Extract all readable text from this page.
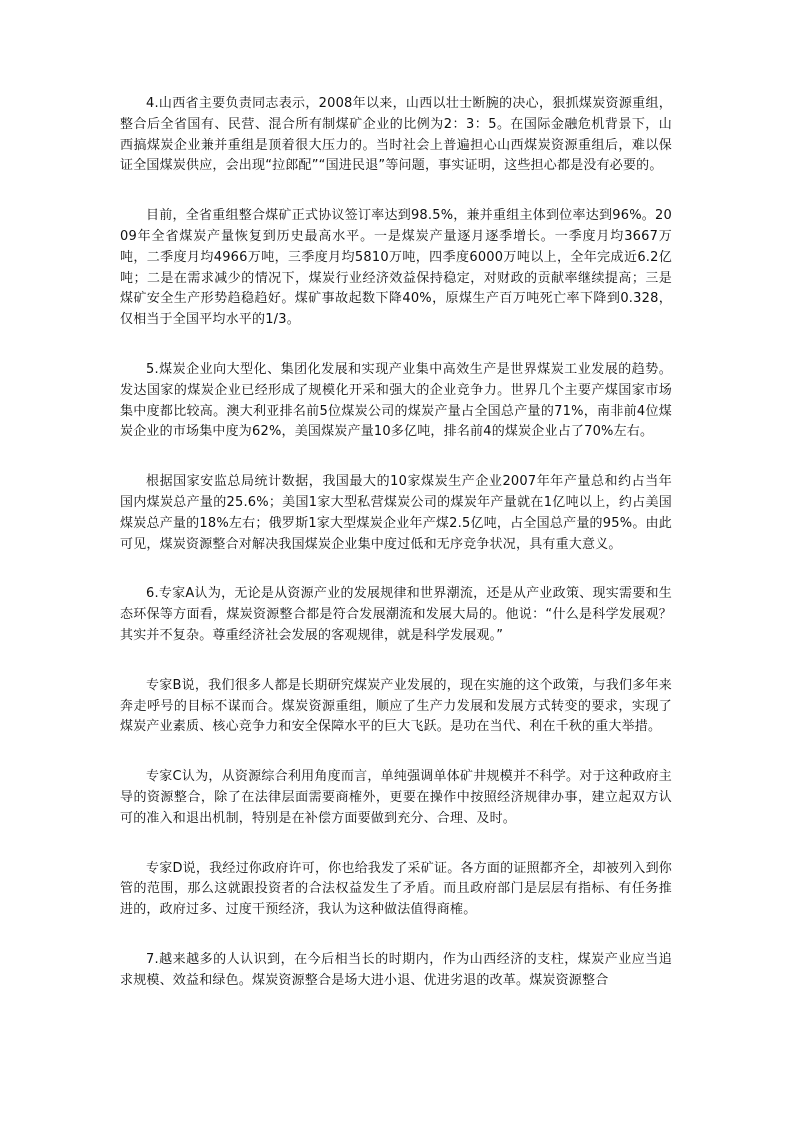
4.山西省主要负责同志表示，2008年以来，山西以壮士断腕的决心，狠抓煤炭资源重组，整合后全省国有、民营、混合所有制煤矿企业的比例为2：3：5。在国际金融危机背景下，山西搞煤炭企业兼并重组是顶着很大压力的。当时社会上普遍担心山西煤炭资源重组后，难以保证全国煤炭供应，会出现“拉郎配”“国进民退”等问题，事实证明，这些担心都是没有必要的。

目前，全省重组整合煤矿正式协议签订率达到98.5%，兼并重组主体到位率达到96%。2009年全省煤炭产量恢复到历史最高水平。一是煤炭产量逐月逐季增长。一季度月均3667万吨，二季度月均4966万吨，三季度月均5810万吨，四季度6000万吨以上，全年完成近6.2亿吨；二是在需求减少的情况下，煤炭行业经济效益保持稳定，对财政的贡献率继续提高；三是煤矿安全生产形势趋稳趋好。煤矿事故起数下降40%，原煤生产百万吨死亡率下降到0.328，仅相当于全国平均水平的1/3。

5.煤炭企业向大型化、集团化发展和实现产业集中高效生产是世界煤炭工业发展的趋势。发达国家的煤炭企业已经形成了规模化开采和强大的企业竞争力。世界几个主要产煤国家市场集中度都比较高。澳大利亚排名前5位煤炭公司的煤炭产量占全国总产量的71%，南非前4位煤炭企业的市场集中度为62%，美国煤炭产量10多亿吨，排名前4的煤炭企业占了70%左右。

根据国家安监总局统计数据，我国最大的10家煤炭生产企业2007年年产量总和约占当年国内煤炭总产量的25.6%；美国1家大型私营煤炭公司的煤炭年产量就在1亿吨以上，约占美国煤炭总产量的18%左右；俄罗斯1家大型煤炭企业年产煤2.5亿吨，占全国总产量的95%。由此可见，煤炭资源整合对解决我国煤炭企业集中度过低和无序竞争状况，具有重大意义。

6.专家A认为，无论是从资源产业的发展规律和世界潮流，还是从产业政策、现实需要和生态环保等方面看，煤炭资源整合都是符合发展潮流和发展大局的。他说：“什么是科学发展观？其实并不复杂。尊重经济社会发展的客观规律，就是科学发展观。”

专家B说，我们很多人都是长期研究煤炭产业发展的，现在实施的这个政策，与我们多年来奔走呼号的目标不谋而合。煤炭资源重组，顺应了生产力发展和发展方式转变的要求，实现了煤炭产业素质、核心竞争力和安全保障水平的巨大飞跃。是功在当代、利在千秋的重大举措。

专家C认为，从资源综合利用角度而言，单纯强调单体矿井规模并不科学。对于这种政府主导的资源整合，除了在法律层面需要商榷外，更要在操作中按照经济规律办事，建立起双方认可的准入和退出机制，特别是在补偿方面要做到充分、合理、及时。

专家D说，我经过你政府许可，你也给我发了采矿证。各方面的证照都齐全，却被列入到你管的范围，那么这就跟投资者的合法权益发生了矛盾。而且政府部门是层层有指标、有任务推进的，政府过多、过度干预经济，我认为这种做法值得商榷。

7.越来越多的人认识到，在今后相当长的时期内，作为山西经济的支柱，煤炭产业应当追求规模、效益和绿色。煤炭资源整合是场大进小退、优进劣退的改革。煤炭资源整合
